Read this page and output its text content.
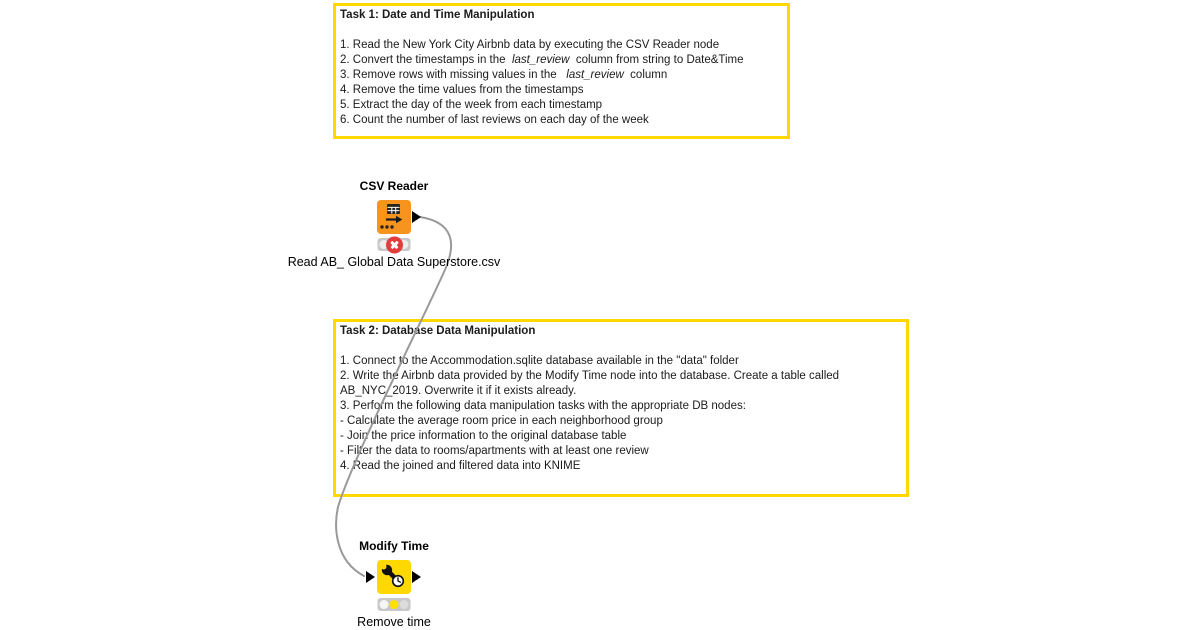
Task 1: Date and Time Manipulation
1. Read the New York City Airbnb data by executing the CSV Reader node
2. Convert the timestamps in the  last_review  column from string to Date&Time
3. Remove rows with missing values in the   last_review  column
4. Remove the time values from the timestamps
5. Extract the day of the week from each timestamp
6. Count the number of last reviews on each day of the week
Task 2: Database Data Manipulation
1. Connect to the Accommodation.sqlite database available in the "data" folder
2. Write the Airbnb data provided by the Modify Time node into the database. Create a table called
AB_NYC_2019. Overwrite it if it exists already.
3. Perform the following data manipulation tasks with the appropriate DB nodes:
- Calculate the average room price in each neighborhood group
- Join the price information to the original database table
- Filter the data to rooms/apartments with at least one review
4. Read the joined and filtered data into KNIME
CSV Reader
Read AB_ Global Data Superstore.csv
Modify Time
Remove time
